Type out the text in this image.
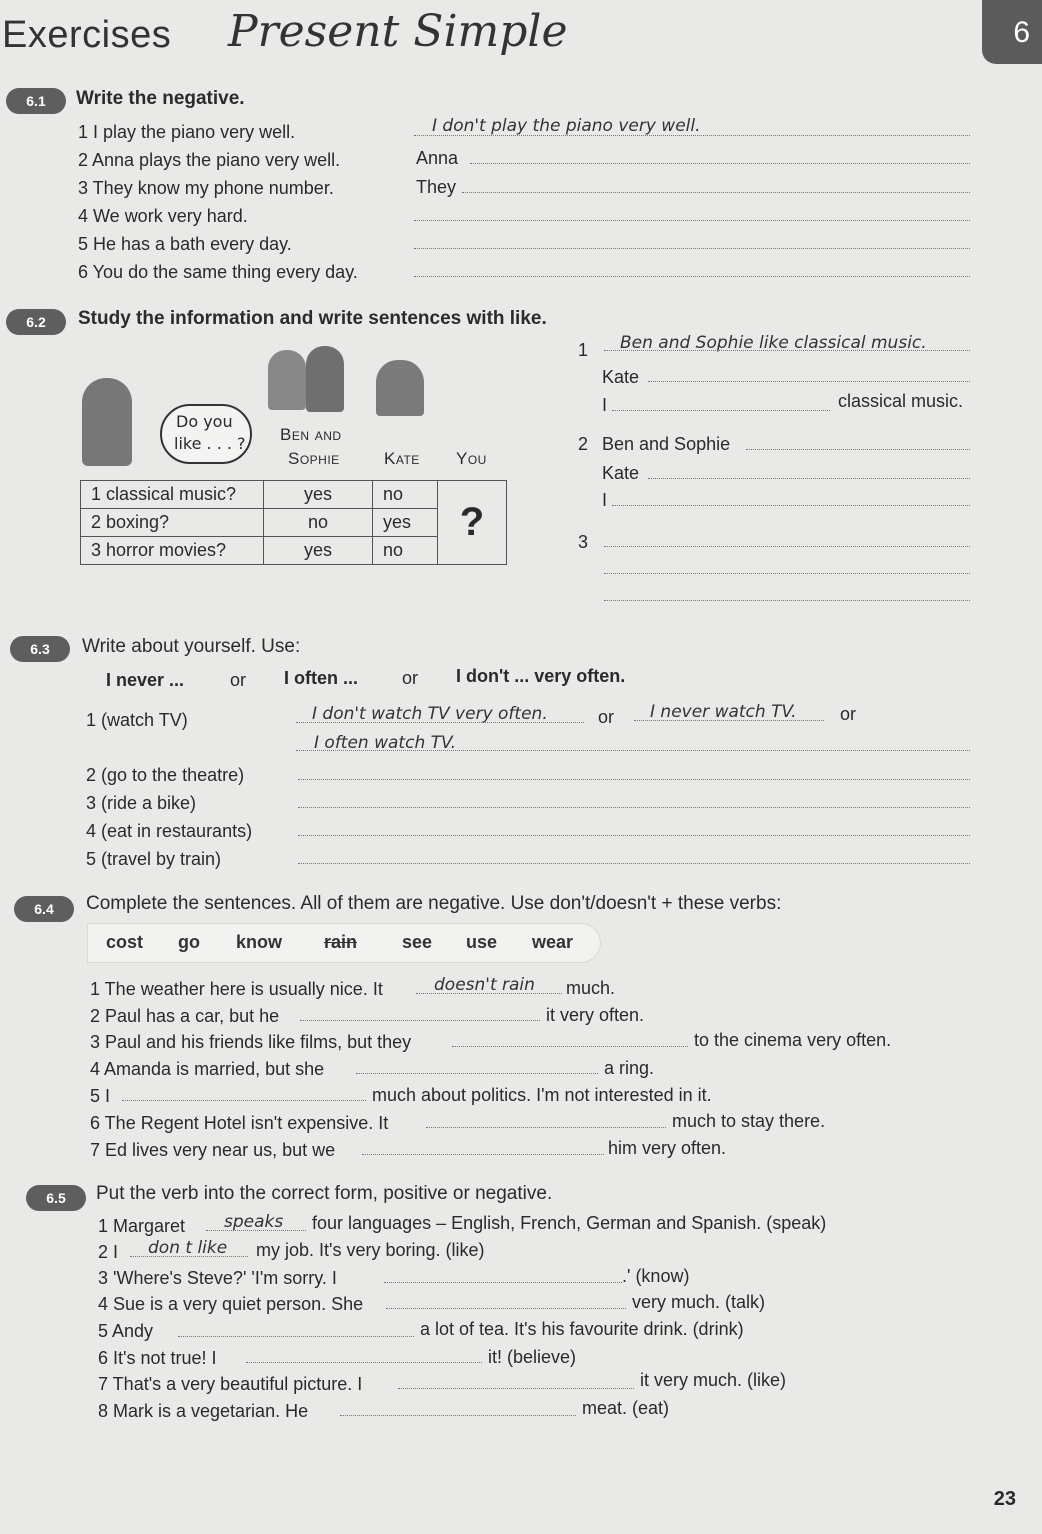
Exercises Present Simple	6
6.1	Write the negative.
1 I play the piano very well.	I don't play the piano very well.
2 Anna plays the piano very well.	Anna
3 They know my phone number.	They
4 We work very hard.
5 He has a bath every day.
6 You do the same thing every day.
6.2	Study the information and write sentences with like.
Do you
like . . . ? Ben and
Sophie	Kate You
1 classical music?	yes	no	?
2 boxing?	no	yes	
3 horror movies?	yes	no	
1 Ben and Sophie like classical music.
Kate
I	classical music.
2 Ben and Sophie
Kate
I
3
6.3	Write about yourself. Use:
I never ...	or I often ... or I don't ... very often.
1 (watch TV)	I don't watch TV very often.	or I never watch TV. or
I often watch TV.
2 (go to the theatre)
3 (ride a bike)
4 (eat in restaurants)
5 (travel by train)
6.4	Complete the sentences. All of them are negative. Use don't/doesn't + these verbs:
cost go know rain see use wear
1 The weather here is usually nice. It	doesn't rain much.
2 Paul has a car, but he	it very often.
3 Paul and his friends like films, but they	to the cinema very often.
4 Amanda is married, but she	a ring.
5 I	much about politics. I'm not interested in it.
6 The Regent Hotel isn't expensive. It	much to stay there.
7 Ed lives very near us, but we	him very often.
6.5	Put the verb into the correct form, positive or negative.
1 Margaret speaks four languages – English, French, German and Spanish. (speak)
2 I don t like my job. It's very boring. (like)
3 'Where's Steve?' 'I'm sorry. I	.' (know)
4 Sue is a very quiet person. She	very much. (talk)
5 Andy	a lot of tea. It's his favourite drink. (drink)
6 It's not true! I	it! (believe)
7 That's a very beautiful picture. I	it very much. (like)
8 Mark is a vegetarian. He	meat. (eat)
23
